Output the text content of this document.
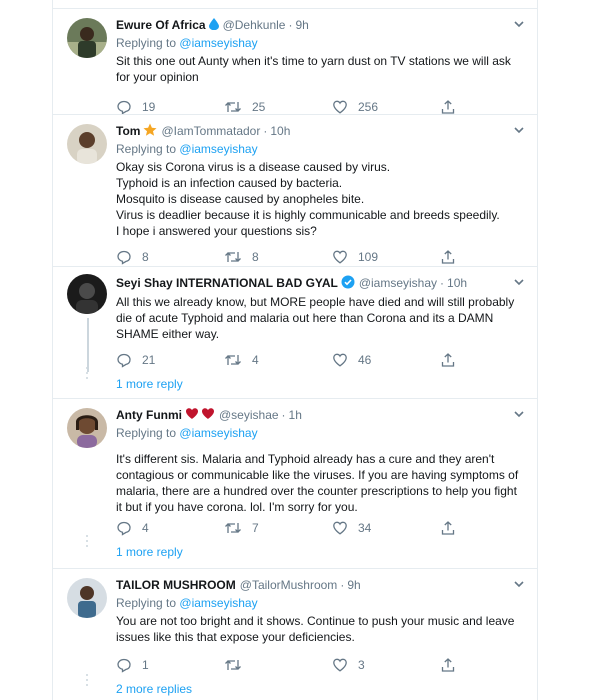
Ewure Of Africa @Dehkunle · 9h
Replying to @iamseyishay
Sit this one out Aunty when it's time to yarn dust on TV stations we will ask
for your opinion
19	25	256
Tom @IamTommatador · 10h
Replying to @iamseyishay
Okay sis Corona virus is a disease caused by virus.
Typhoid is an infection caused by bacteria.
Mosquito is disease caused by anopheles bite.
Virus is deadlier because it is highly communicable and breeds speedily.
I hope i answered your questions sis?
8	8	109
Seyi Shay INTERNATIONAL BAD GYAL @iamseyishay · 10h
All this we already know, but MORE people have died and will still probably
die of acute Typhoid and malaria out here than Corona and its a DAMN
SHAME either way.
21	4	46
1 more reply
Anty Funmi	@seyishae · 1h
Replying to @iamseyishay
It's different sis. Malaria and Typhoid already has a cure and they aren't
contagious or communicable like the viruses. If you are having symptoms of
malaria, there are a hundred over the counter prescriptions to help you fight
it but if you have corona. lol. I'm sorry for you.
4	7	34
1 more reply
TAILOR MUSHROOM @TailorMushroom · 9h
Replying to @iamseyishay
You are not too bright and it shows. Continue to push your music and leave
issues like this that expose your deficiencies.
1	3
2 more replies
